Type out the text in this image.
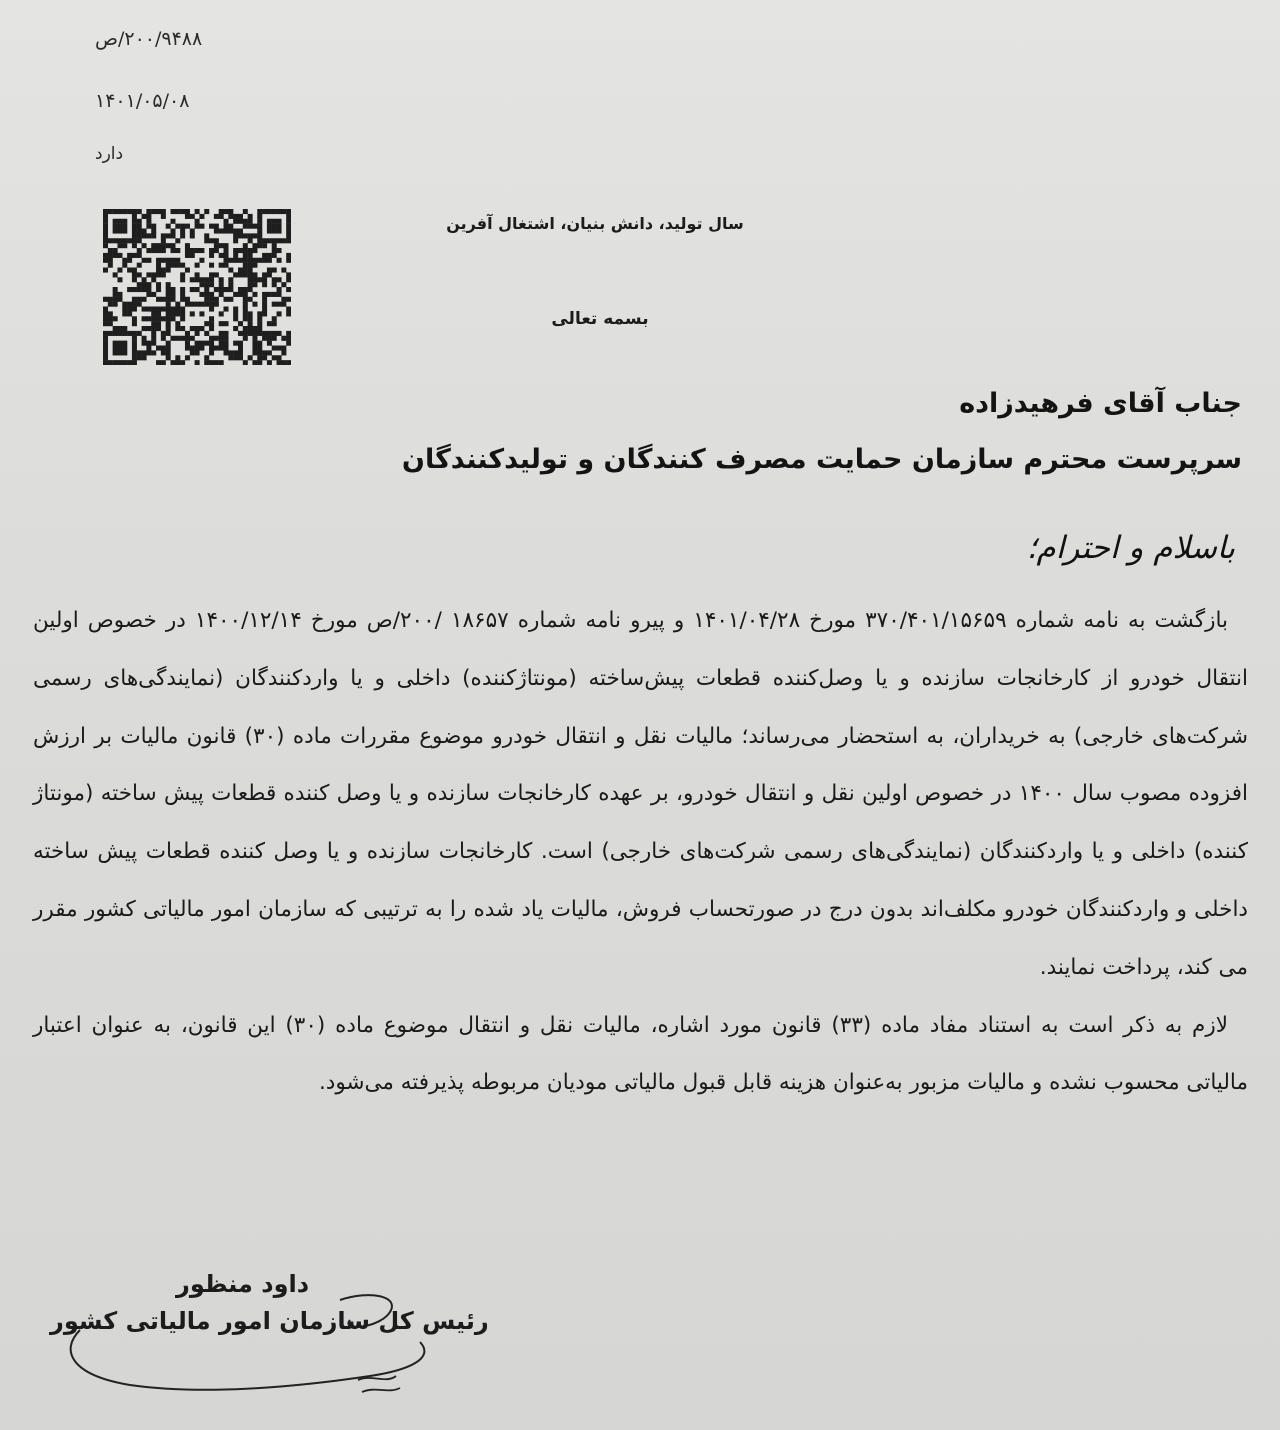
۲۰۰/۹۴۸۸/ص
۱۴۰۱/۰۵/۰۸
دارد
سال تولید، دانش بنیان، اشتغال آفرین
بسمه تعالی
جناب آقای فرهیدزاده
سرپرست محترم سازمان حمایت مصرف کنندگان و تولیدکنندگان
باسلام و احترام؛

بازگشت به نامه شماره ۳۷۰/۴۰۱/۱۵۶۵۹ مورخ ۱۴۰۱/۰۴/۲۸ و پیرو نامه شماره ۱۸۶۵۷ /۲۰۰/ص مورخ ۱۴۰۰/۱۲/۱۴ در خصوص اولین انتقال خودرو از کارخانجات سازنده و یا وصل‌کننده قطعات پیش‌ساخته (مونتاژکننده) داخلی و یا واردکنندگان (نمایندگی‌های رسمی شرکت‌های خارجی) به خریداران، به استحضار می‌رساند؛ مالیات نقل و انتقال خودرو موضوع مقررات ماده (۳۰) قانون مالیات بر ارزش افزوده مصوب سال ۱۴۰۰ در خصوص اولین نقل و انتقال خودرو، بر عهده کارخانجات سازنده و یا وصل کننده قطعات پیش ساخته (مونتاژ کننده) داخلی و یا واردکنندگان (نمایندگی‌های رسمی شرکت‌های خارجی) است. کارخانجات سازنده و یا وصل کننده قطعات پیش ساخته داخلی و واردکنندگان خودرو مکلف‌اند بدون درج در صورتحساب فروش، مالیات یاد شده را به ترتیبی که سازمان امور مالیاتی کشور مقرر می کند، پرداخت نمایند.

لازم به ذکر است به استناد مفاد ماده (۳۳) قانون مورد اشاره، مالیات نقل و انتقال موضوع ماده (۳۰) این قانون، به عنوان اعتبار مالیاتی محسوب نشده و مالیات مزبور به‌عنوان هزینه قابل قبول مالیاتی مودیان مربوطه پذیرفته می‌شود.

داود منظور
رئیس کل سازمان امور مالیاتی کشور
